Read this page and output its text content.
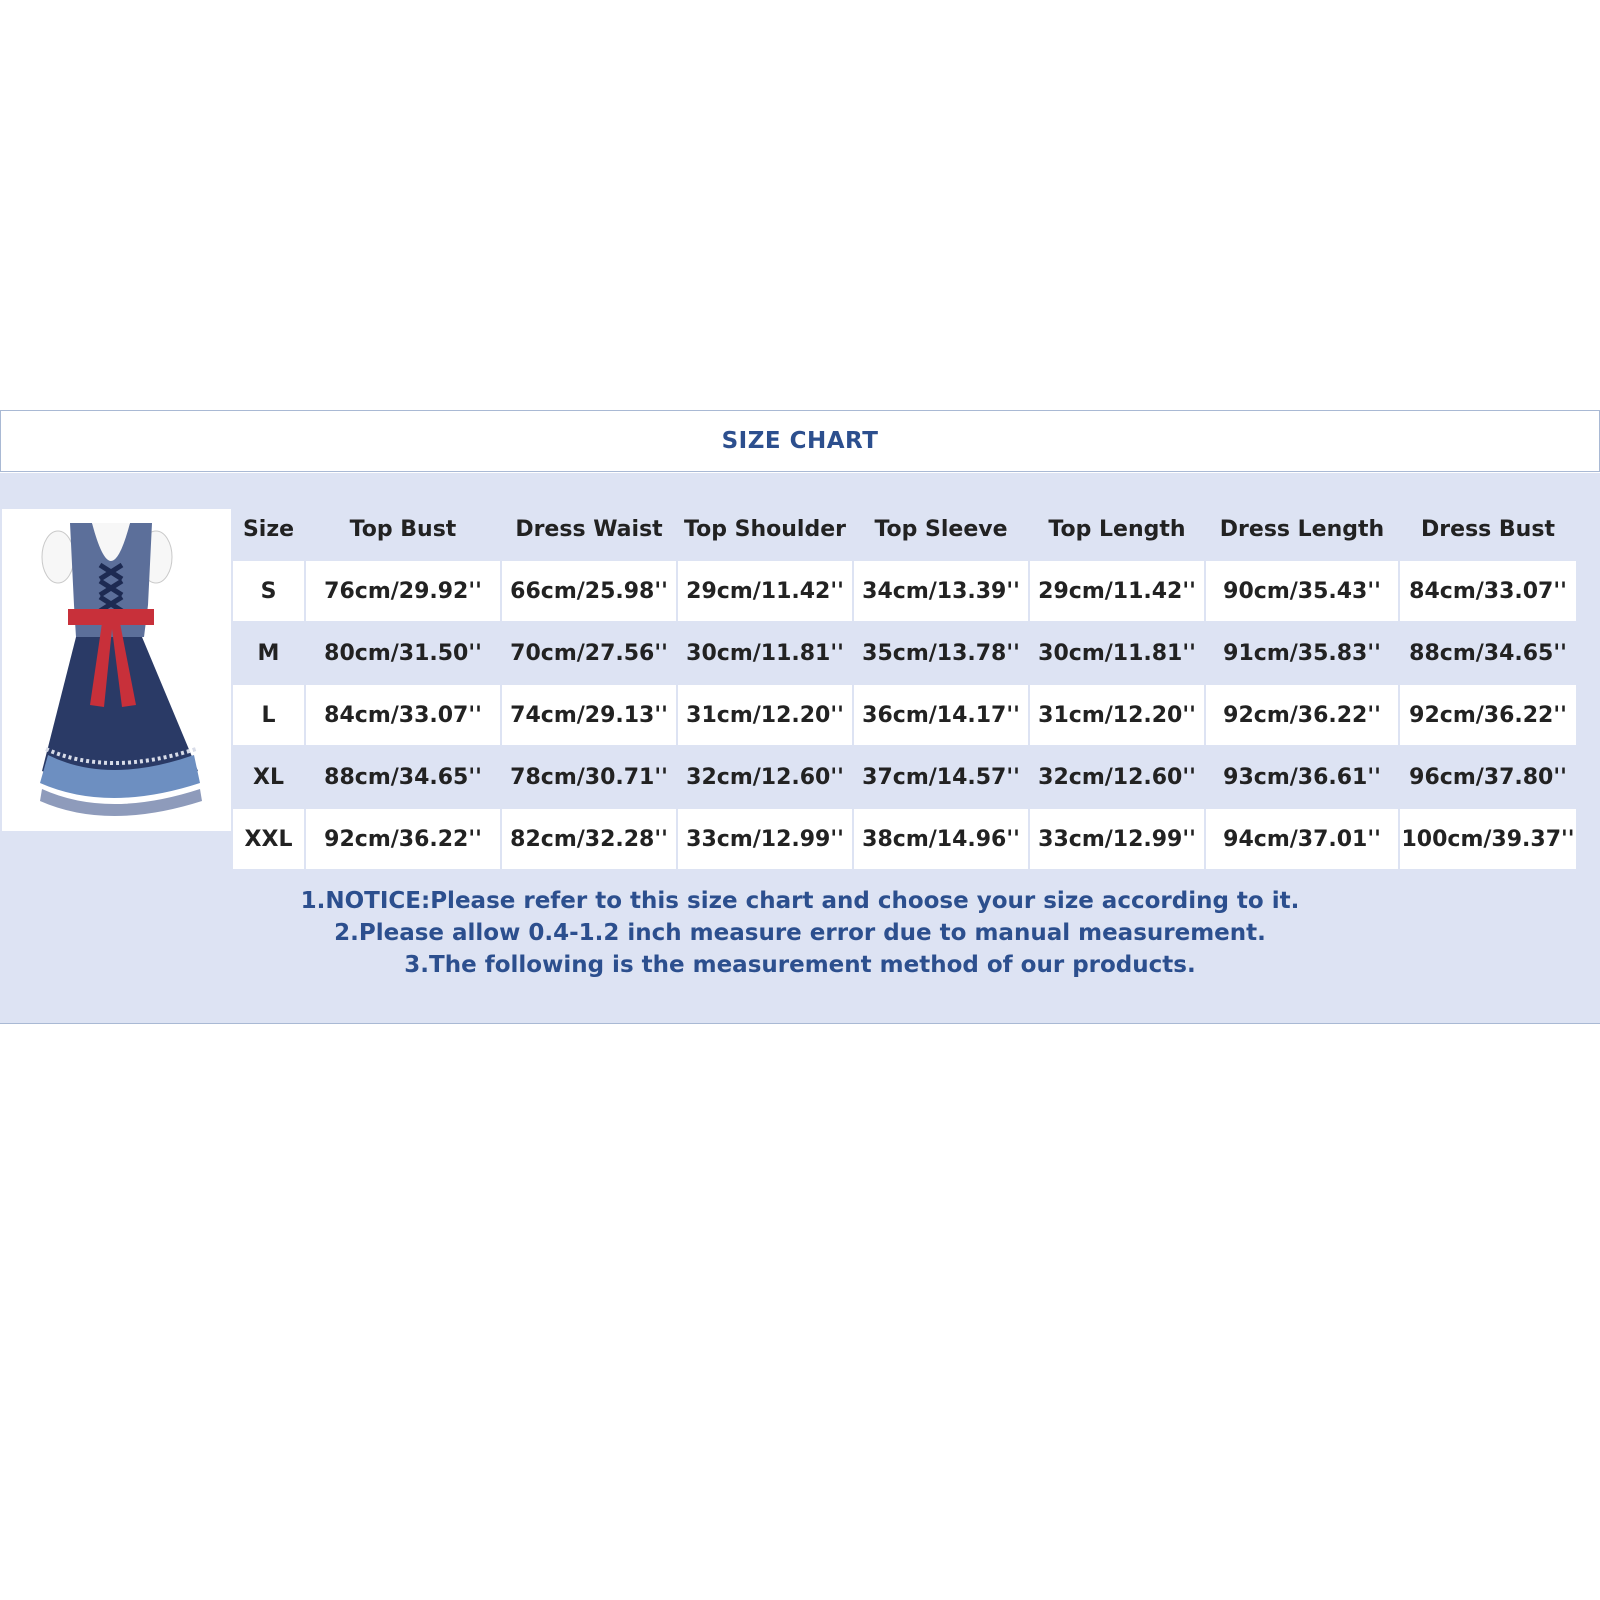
SIZE CHART
Size	Top Bust	Dress Waist	Top Shoulder	Top Sleeve	Top Length	Dress Length	Dress Bust
S	76cm/29.92''	66cm/25.98''	29cm/11.42''	34cm/13.39''	29cm/11.42''	90cm/35.43''	84cm/33.07''
M	80cm/31.50''	70cm/27.56''	30cm/11.81''	35cm/13.78''	30cm/11.81''	91cm/35.83''	88cm/34.65''
L	84cm/33.07''	74cm/29.13''	31cm/12.20''	36cm/14.17''	31cm/12.20''	92cm/36.22''	92cm/36.22''
XL	88cm/34.65''	78cm/30.71''	32cm/12.60''	37cm/14.57''	32cm/12.60''	93cm/36.61''	96cm/37.80''
XXL	92cm/36.22''	82cm/32.28''	33cm/12.99''	38cm/14.96''	33cm/12.99''	94cm/37.01''	100cm/39.37''
1.NOTICE:Please refer to this size chart and choose your size according to it.
2.Please allow 0.4-1.2 inch measure error due to manual measurement.
3.The following is the measurement method of our products.
